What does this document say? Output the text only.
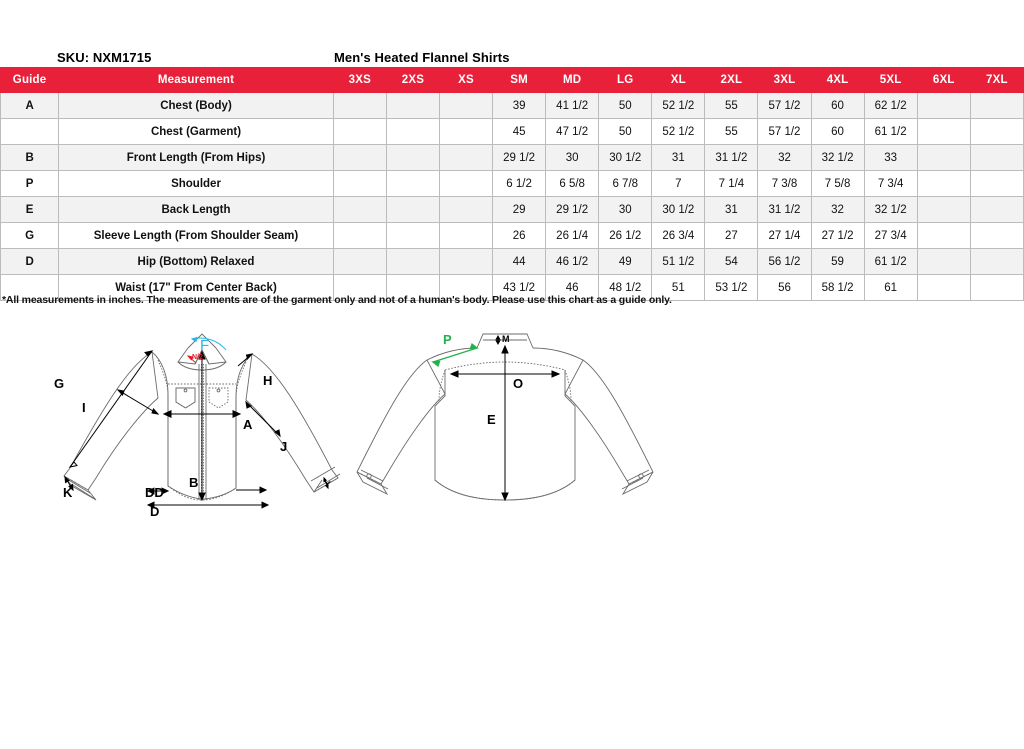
SKU: NXM1715	Men's Heated Flannel Shirts
Guide	Measurement	3XS	2XS	XS	SM	MD	LG	XL	2XL	3XL	4XL	5XL	6XL	7XL
A	Chest (Body)				39	41 1/2	50	52 1/2	55	57 1/2	60	62 1/2		
	Chest (Garment)				45	47 1/2	50	52 1/2	55	57 1/2	60	61 1/2		
B	Front Length (From Hips)				29 1/2	30	30 1/2	31	31 1/2	32	32 1/2	33		
P	Shoulder				6 1/2	6 5/8	6 7/8	7	7 1/4	7 3/8	7 5/8	7 3/4		
E	Back Length				29	29 1/2	30	30 1/2	31	31 1/2	32	32 1/2		
G	Sleeve Length (From Shoulder Seam)				26	26 1/4	26 1/2	26 3/4	27	27 1/4	27 1/2	27 3/4		
D	Hip (Bottom) Relaxed				44	46 1/2	49	51 1/2	54	56 1/2	59	61 1/2		
	Waist (17" From Center Back)				43 1/2	46	48 1/2	51	53 1/2	56	58 1/2	61		
*All measurements in inches. The measurements are of the garment only and not of a human's body. Please use this chart as a guide only.
G
I
H
A
J
K
B
DD
D
F
N/2
L
P	M
O
E
